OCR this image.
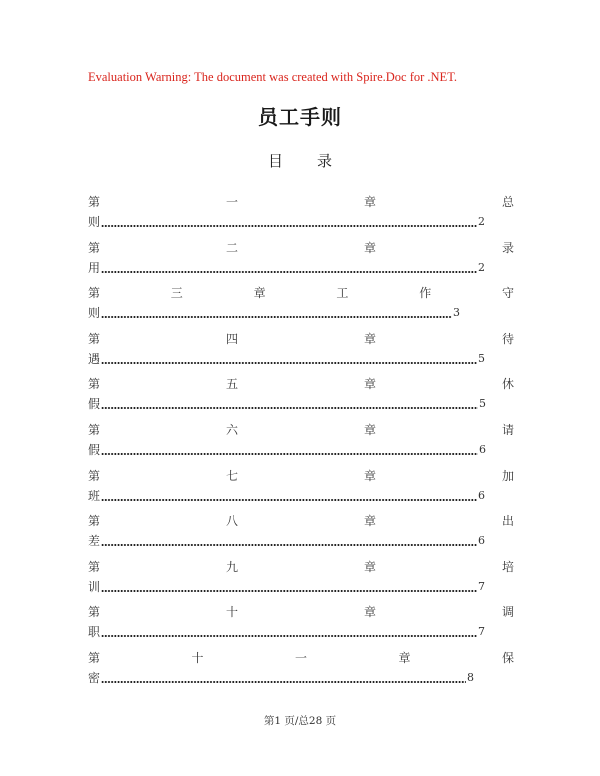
Evaluation Warning: The document was created with Spire.Doc for .NET.
员工手则
目 录
第	一	章	总
则	2
第	二	章	录
用	2
第	三	章	工	作	守
则	3
第	四	章	待
遇	5
第	五	章	休
假	5
第	六	章	请
假	6
第	七	章	加
班	6
第	八	章	出
差	6
第	九	章	培
训	7
第	十	章	调
职	7
第	十	一	章	保
密	8
第1 页/总28 页
